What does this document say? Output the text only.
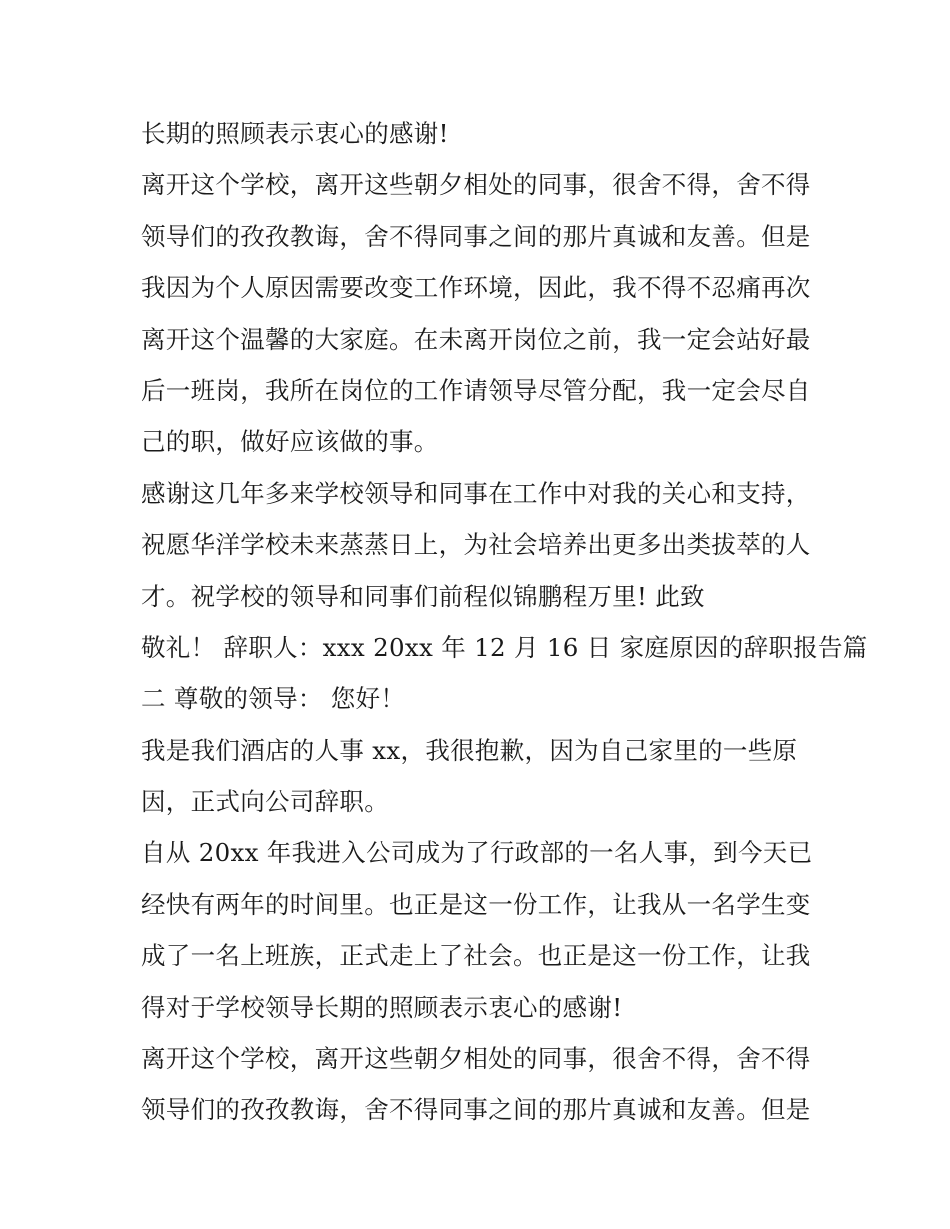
长期的照顾表示衷心的感谢!
离开这个学校，离开这些朝夕相处的同事，很舍不得，舍不得
领导们的孜孜教诲，舍不得同事之间的那片真诚和友善。但是
我因为个人原因需要改变工作环境，因此，我不得不忍痛再次
离开这个温馨的大家庭。在未离开岗位之前，我一定会站好最
后一班岗，我所在岗位的工作请领导尽管分配，我一定会尽自
己的职，做好应该做的事。
感谢这几年多来学校领导和同事在工作中对我的关心和支持，
祝愿华洋学校未来蒸蒸日上，为社会培养出更多出类拔萃的人
才。祝学校的领导和同事们前程似锦鹏程万里! 此致
敬礼！ 辞职人：xxx 20xx 年 12 月 16 日 家庭原因的辞职报告篇
二 尊敬的领导： 您好！
我是我们酒店的人事 xx，我很抱歉，因为自己家里的一些原
因，正式向公司辞职。
自从 20xx 年我进入公司成为了行政部的一名人事，到今天已
经快有两年的时间里。也正是这一份工作，让我从一名学生变
成了一名上班族，正式走上了社会。也正是这一份工作，让我
得对于学校领导长期的照顾表示衷心的感谢!
离开这个学校，离开这些朝夕相处的同事，很舍不得，舍不得
领导们的孜孜教诲，舍不得同事之间的那片真诚和友善。但是
